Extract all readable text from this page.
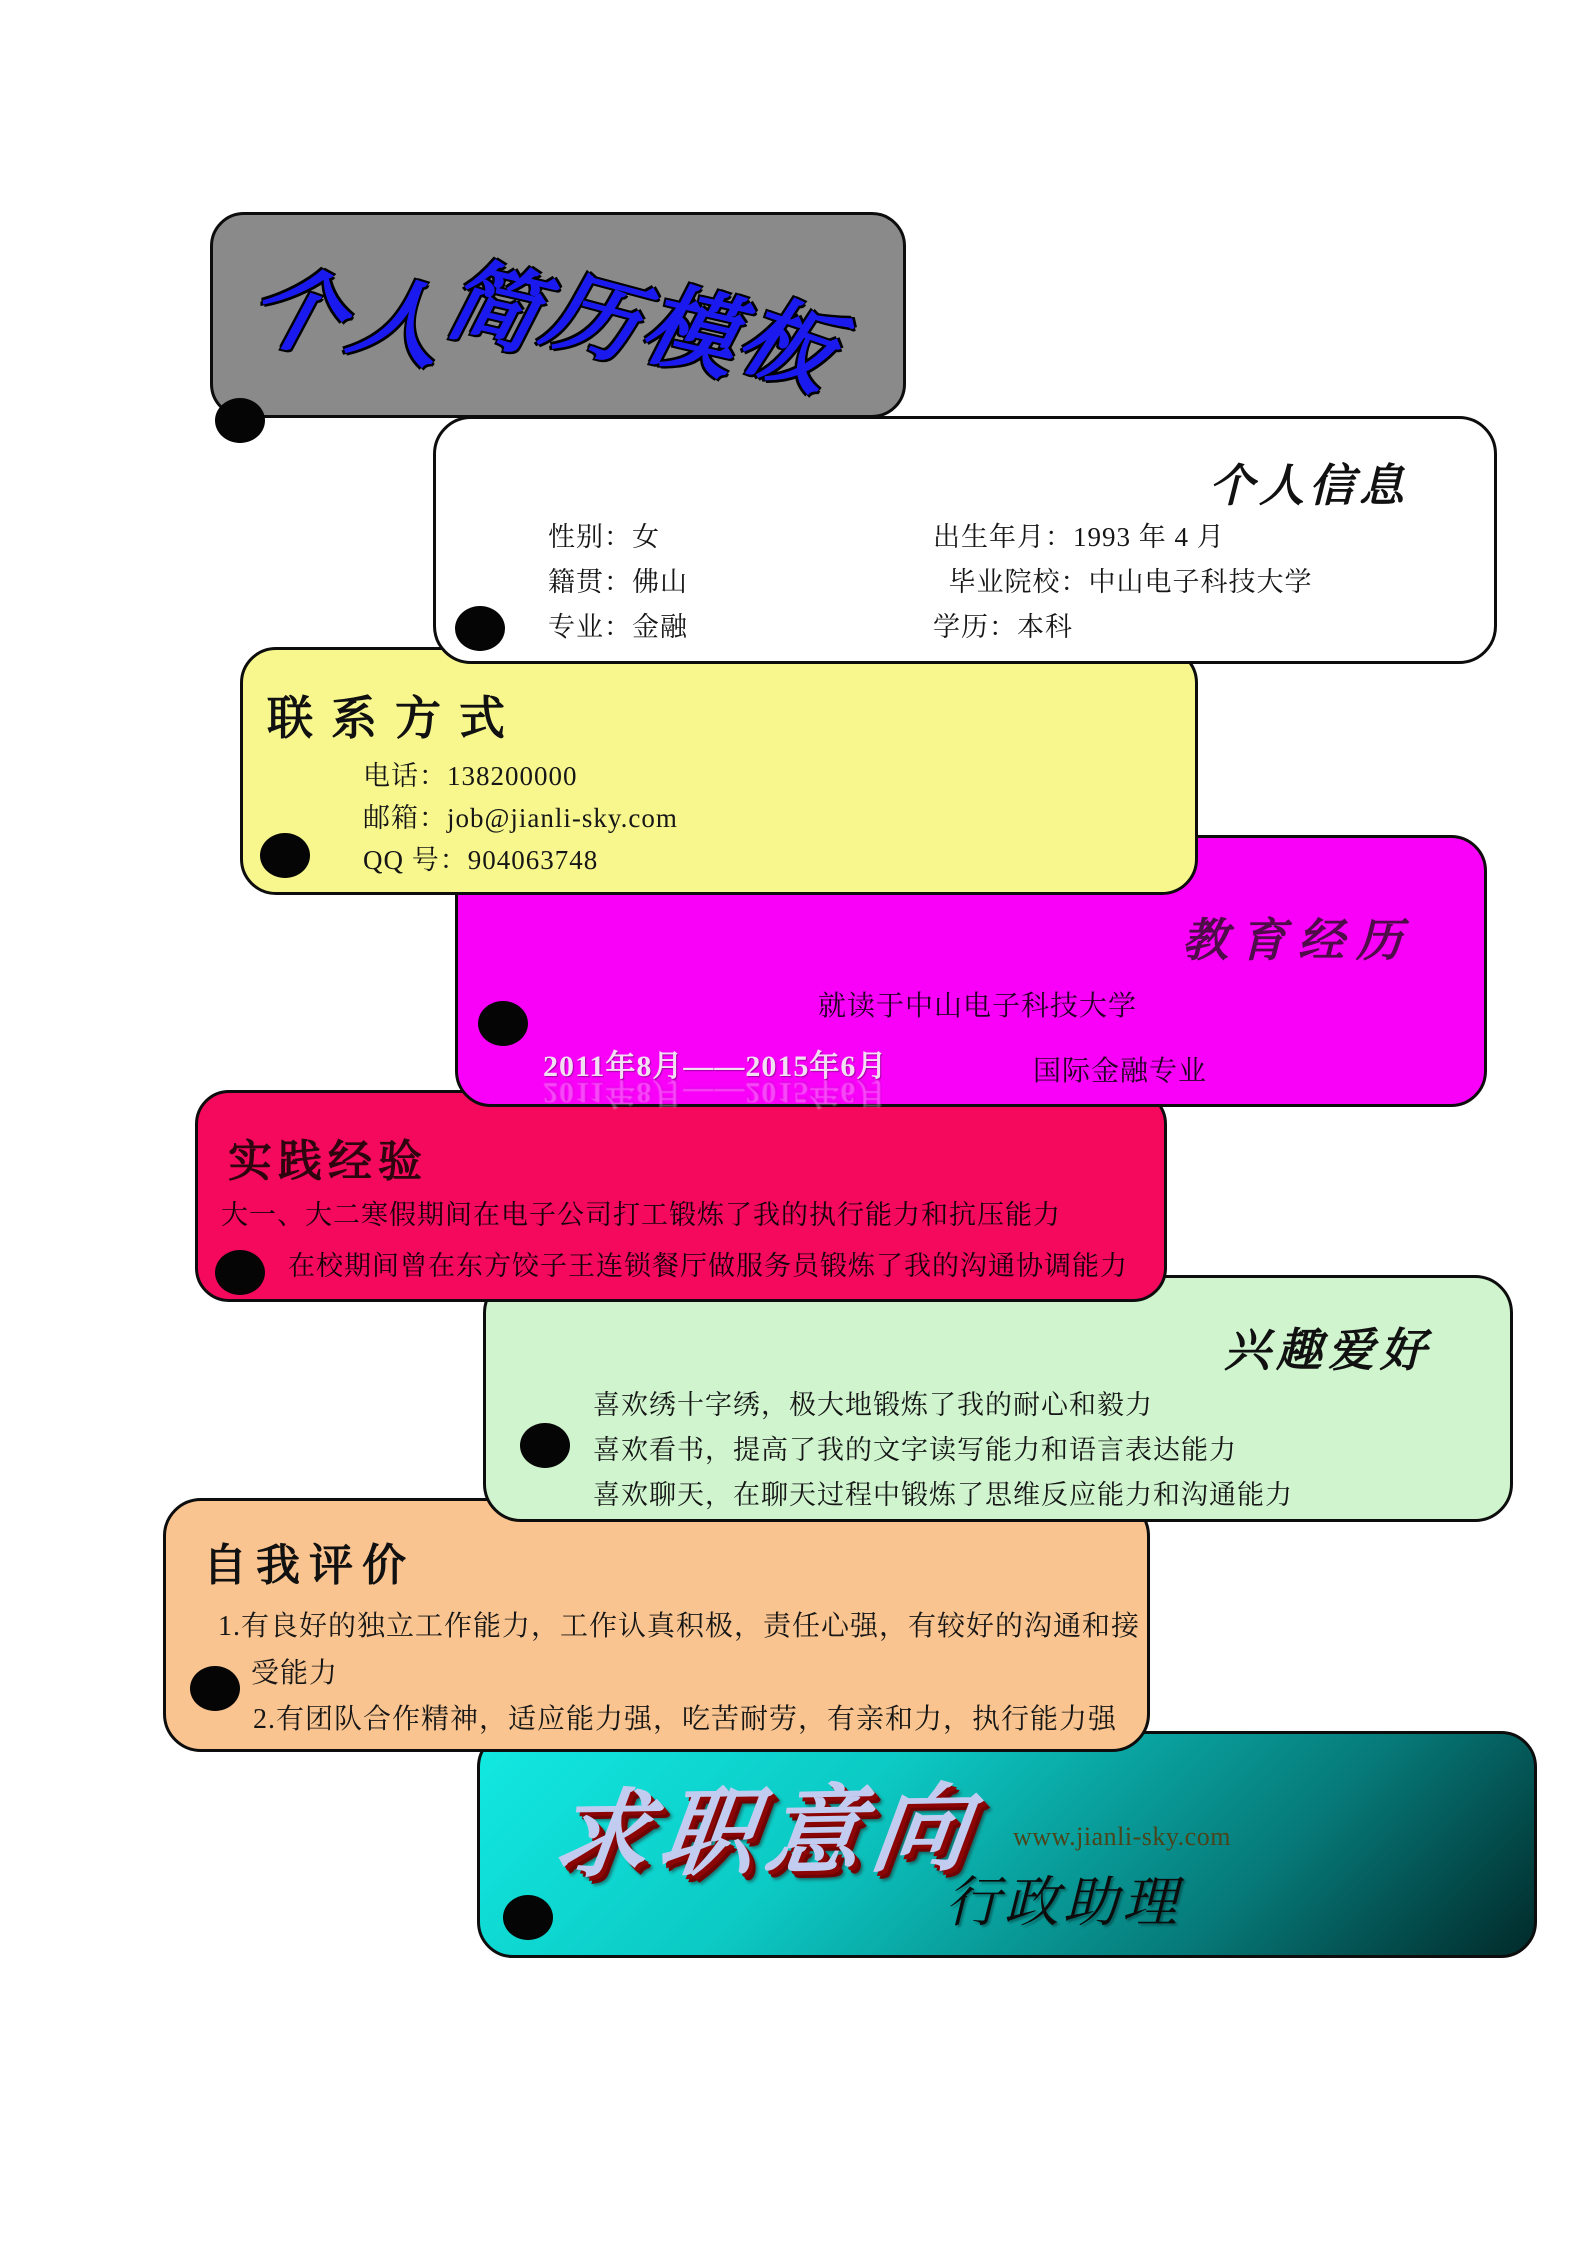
个人简历模板
个人信息
性别：女	出生年月：1993 年 4 月
籍贯：佛山	毕业院校：中山电子科技大学
专业：金融	学历：本科
联系方式
电话：138200000
邮箱：job@jianli-sky.com
QQ 号：904063748
教育经历
就读于中山电子科技大学
2011年8月——2015年6月
2011年8月——2015年6月
国际金融专业
实践经验
大一、大二寒假期间在电子公司打工锻炼了我的执行能力和抗压能力
在校期间曾在东方饺子王连锁餐厅做服务员锻炼了我的沟通协调能力
兴趣爱好
喜欢绣十字绣，极大地锻炼了我的耐心和毅力
喜欢看书，提高了我的文字读写能力和语言表达能力
喜欢聊天，在聊天过程中锻炼了思维反应能力和沟通能力
自我评价
1.有良好的独立工作能力，工作认真积极，责任心强，有较好的沟通和接
受能力
2.有团队合作精神，适应能力强，吃苦耐劳，有亲和力，执行能力强
求职意向 www.jianli-sky.com
行政助理
